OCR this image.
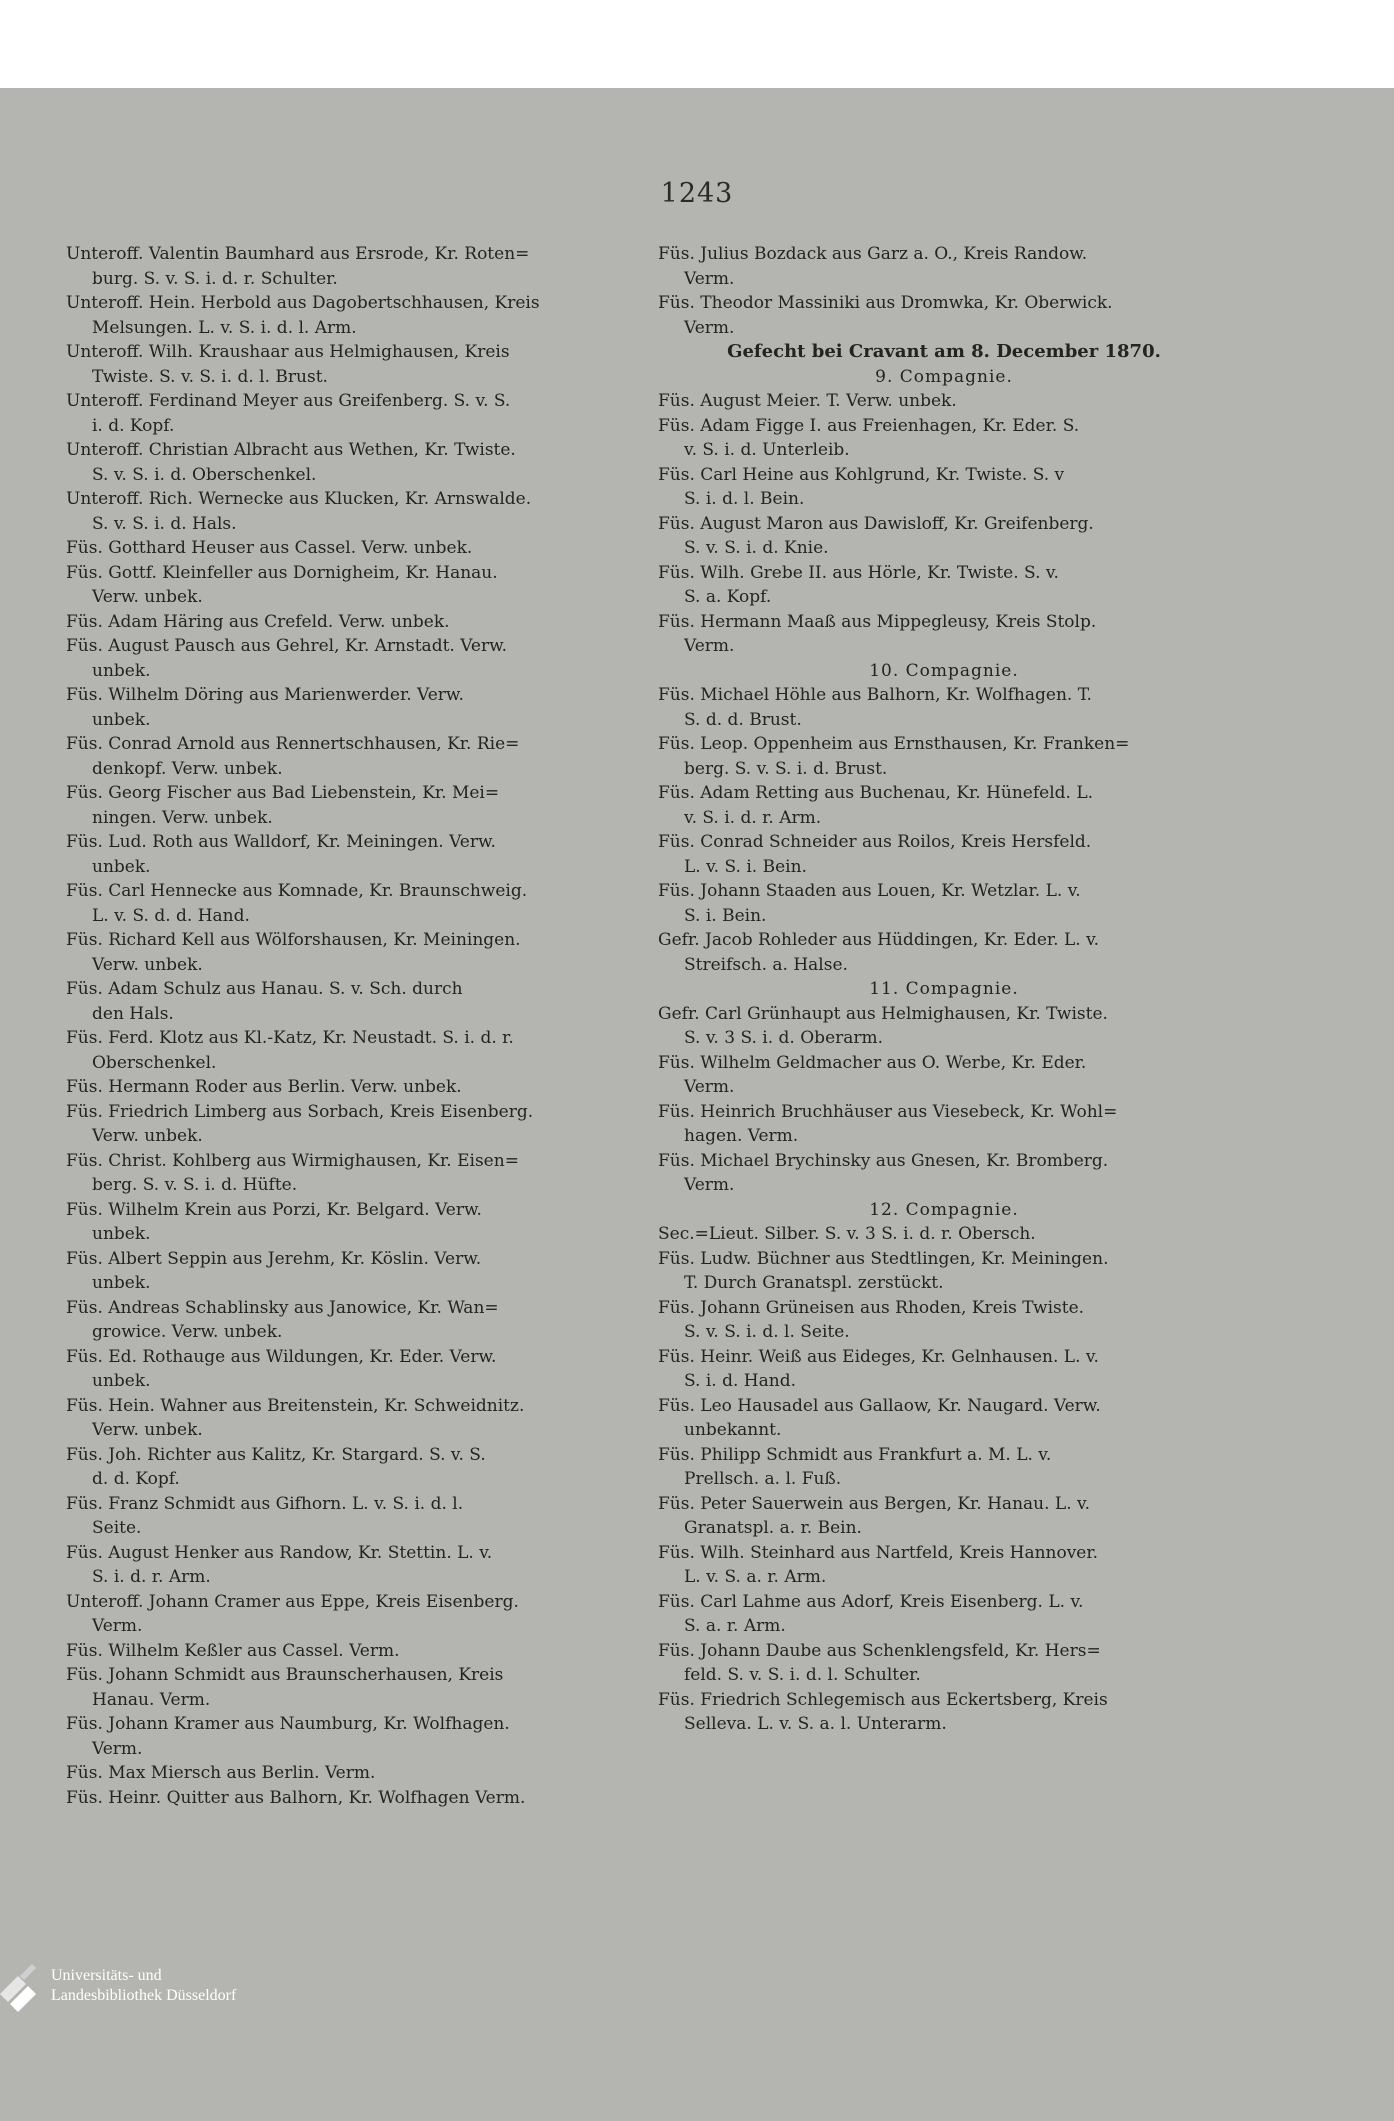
1243
Unteroff. Valentin Baumhard aus Ersrode, Kr. Roten=
burg. S. v. S. i. d. r. Schulter.
Unteroff. Hein. Herbold aus Dagobertschhausen, Kreis
Melsungen. L. v. S. i. d. l. Arm.
Unteroff. Wilh. Kraushaar aus Helmighausen, Kreis
Twiste. S. v. S. i. d. l. Brust.
Unteroff. Ferdinand Meyer aus Greifenberg. S. v. S.
i. d. Kopf.
Unteroff. Christian Albracht aus Wethen, Kr. Twiste.
S. v. S. i. d. Oberschenkel.
Unteroff. Rich. Wernecke aus Klucken, Kr. Arnswalde.
S. v. S. i. d. Hals.
Füs. Gotthard Heuser aus Cassel. Verw. unbek.
Füs. Gottf. Kleinfeller aus Dornigheim, Kr. Hanau.
Verw. unbek.
Füs. Adam Häring aus Crefeld. Verw. unbek.
Füs. August Pausch aus Gehrel, Kr. Arnstadt. Verw.
unbek.
Füs. Wilhelm Döring aus Marienwerder. Verw.
unbek.
Füs. Conrad Arnold aus Rennertschhausen, Kr. Rie=
denkopf. Verw. unbek.
Füs. Georg Fischer aus Bad Liebenstein, Kr. Mei=
ningen. Verw. unbek.
Füs. Lud. Roth aus Walldorf, Kr. Meiningen. Verw.
unbek.
Füs. Carl Hennecke aus Komnade, Kr. Braunschweig.
L. v. S. d. d. Hand.
Füs. Richard Kell aus Wölforshausen, Kr. Meiningen.
Verw. unbek.
Füs. Adam Schulz aus Hanau. S. v. Sch. durch
den Hals.
Füs. Ferd. Klotz aus Kl.-Katz, Kr. Neustadt. S. i. d. r.
Oberschenkel.
Füs. Hermann Roder aus Berlin. Verw. unbek.
Füs. Friedrich Limberg aus Sorbach, Kreis Eisenberg.
Verw. unbek.
Füs. Christ. Kohlberg aus Wirmighausen, Kr. Eisen=
berg. S. v. S. i. d. Hüfte.
Füs. Wilhelm Krein aus Porzi, Kr. Belgard. Verw.
unbek.
Füs. Albert Seppin aus Jerehm, Kr. Köslin. Verw.
unbek.
Füs. Andreas Schablinsky aus Janowice, Kr. Wan=
growice. Verw. unbek.
Füs. Ed. Rothauge aus Wildungen, Kr. Eder. Verw.
unbek.
Füs. Hein. Wahner aus Breitenstein, Kr. Schweidnitz.
Verw. unbek.
Füs. Joh. Richter aus Kalitz, Kr. Stargard. S. v. S.
d. d. Kopf.
Füs. Franz Schmidt aus Gifhorn. L. v. S. i. d. l.
Seite.
Füs. August Henker aus Randow, Kr. Stettin. L. v.
S. i. d. r. Arm.
Unteroff. Johann Cramer aus Eppe, Kreis Eisenberg.
Verm.
Füs. Wilhelm Keßler aus Cassel. Verm.
Füs. Johann Schmidt aus Braunscherhausen, Kreis
Hanau. Verm.
Füs. Johann Kramer aus Naumburg, Kr. Wolfhagen.
Verm.
Füs. Max Miersch aus Berlin. Verm.
Füs. Heinr. Quitter aus Balhorn, Kr. Wolfhagen Verm.
Füs. Julius Bozdack aus Garz a. O., Kreis Randow.
Verm.
Füs. Theodor Massiniki aus Dromwka, Kr. Oberwick.
Verm.
Gefecht bei Cravant am 8. December 1870.
9. Compagnie.
Füs. August Meier. T. Verw. unbek.
Füs. Adam Figge I. aus Freienhagen, Kr. Eder. S.
v. S. i. d. Unterleib.
Füs. Carl Heine aus Kohlgrund, Kr. Twiste. S. v
S. i. d. l. Bein.
Füs. August Maron aus Dawisloff, Kr. Greifenberg.
S. v. S. i. d. Knie.
Füs. Wilh. Grebe II. aus Hörle, Kr. Twiste. S. v.
S. a. Kopf.
Füs. Hermann Maaß aus Mippegleusy, Kreis Stolp.
Verm.
10. Compagnie.
Füs. Michael Höhle aus Balhorn, Kr. Wolfhagen. T.
S. d. d. Brust.
Füs. Leop. Oppenheim aus Ernsthausen, Kr. Franken=
berg. S. v. S. i. d. Brust.
Füs. Adam Retting aus Buchenau, Kr. Hünefeld. L.
v. S. i. d. r. Arm.
Füs. Conrad Schneider aus Roilos, Kreis Hersfeld.
L. v. S. i. Bein.
Füs. Johann Staaden aus Louen, Kr. Wetzlar. L. v.
S. i. Bein.
Gefr. Jacob Rohleder aus Hüddingen, Kr. Eder. L. v.
Streifsch. a. Halse.
11. Compagnie.
Gefr. Carl Grünhaupt aus Helmighausen, Kr. Twiste.
S. v. 3 S. i. d. Oberarm.
Füs. Wilhelm Geldmacher aus O. Werbe, Kr. Eder.
Verm.
Füs. Heinrich Bruchhäuser aus Viesebeck, Kr. Wohl=
hagen. Verm.
Füs. Michael Brychinsky aus Gnesen, Kr. Bromberg.
Verm.
12. Compagnie.
Sec.=Lieut. Silber. S. v. 3 S. i. d. r. Obersch.
Füs. Ludw. Büchner aus Stedtlingen, Kr. Meiningen.
T. Durch Granatspl. zerstückt.
Füs. Johann Grüneisen aus Rhoden, Kreis Twiste.
S. v. S. i. d. l. Seite.
Füs. Heinr. Weiß aus Eideges, Kr. Gelnhausen. L. v.
S. i. d. Hand.
Füs. Leo Hausadel aus Gallaow, Kr. Naugard. Verw.
unbekannt.
Füs. Philipp Schmidt aus Frankfurt a. M. L. v.
Prellsch. a. l. Fuß.
Füs. Peter Sauerwein aus Bergen, Kr. Hanau. L. v.
Granatspl. a. r. Bein.
Füs. Wilh. Steinhard aus Nartfeld, Kreis Hannover.
L. v. S. a. r. Arm.
Füs. Carl Lahme aus Adorf, Kreis Eisenberg. L. v.
S. a. r. Arm.
Füs. Johann Daube aus Schenklengsfeld, Kr. Hers=
feld. S. v. S. i. d. l. Schulter.
Füs. Friedrich Schlegemisch aus Eckertsberg, Kreis
Selleva. L. v. S. a. l. Unterarm.
Universitäts- und
Landesbibliothek Düsseldorf
